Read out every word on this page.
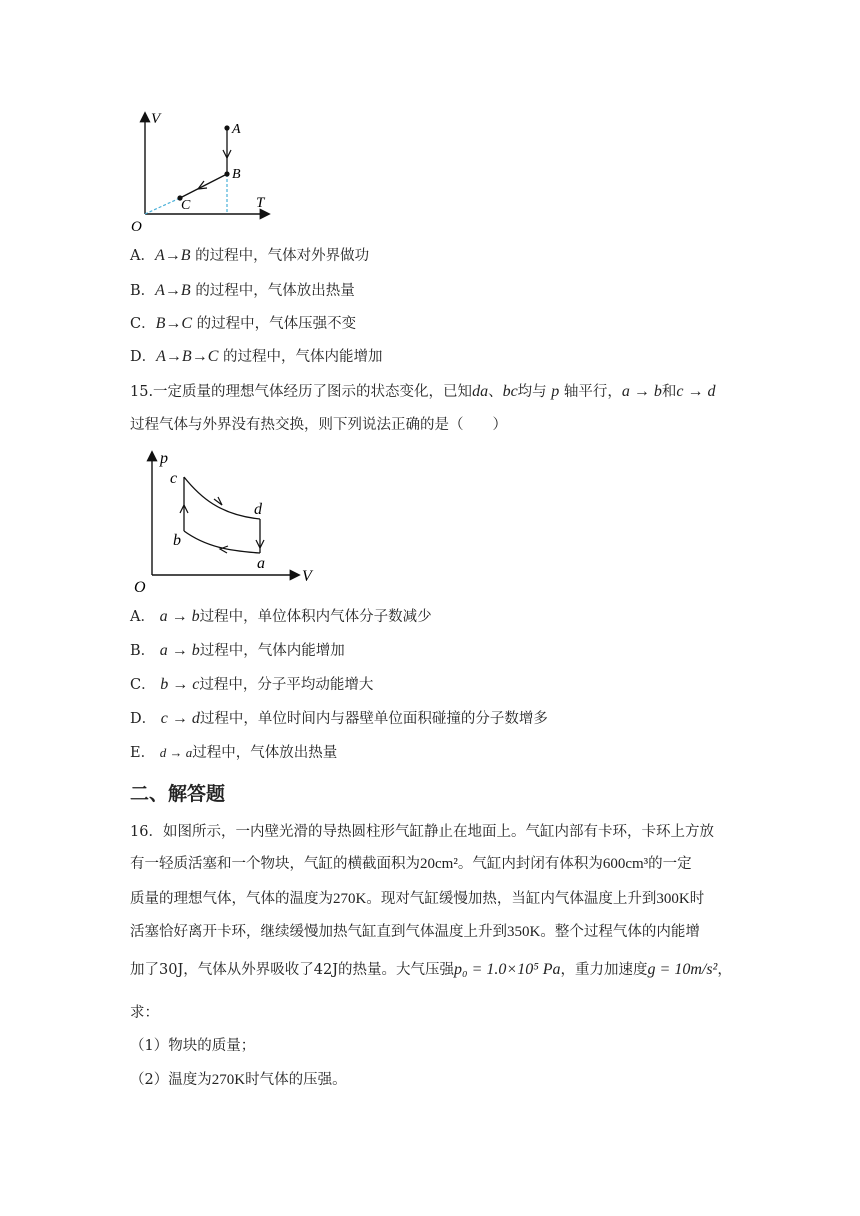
V
T
O
A
B
C
A．A→B 的过程中，气体对外界做功
B．A→B 的过程中，气体放出热量
C．B→C 的过程中，气体压强不变
D．A→B→C 的过程中，气体内能增加
15.一定质量的理想气体经历了图示的状态变化，已知da、bc均与 p 轴平行，a → b和c → d
过程气体与外界没有热交换，则下列说法正确的是（　　）
p
V
O
c
d
b
a
A． a → b过程中，单位体积内气体分子数减少
B． a → b过程中，气体内能增加
C． b → c过程中，分子平均动能增大
D． c → d过程中，单位时间内与器壁单位面积碰撞的分子数增多
E． d → a过程中，气体放出热量
二、解答题
16．如图所示，一内壁光滑的导热圆柱形气缸静止在地面上。气缸内部有卡环，卡环上方放
有一轻质活塞和一个物块，气缸的横截面积为20cm²。气缸内封闭有体积为600cm³的一定
质量的理想气体，气体的温度为270K。现对气缸缓慢加热，当缸内气体温度上升到300K时
活塞恰好离开卡环，继续缓慢加热气缸直到气体温度上升到350K。整个过程气体的内能增
加了30J，气体从外界吸收了42J的热量。大气压强p₀ = 1.0×10⁵ Pa，重力加速度g = 10m/s²，
求：
（1）物块的质量；
（2）温度为270K时气体的压强。
